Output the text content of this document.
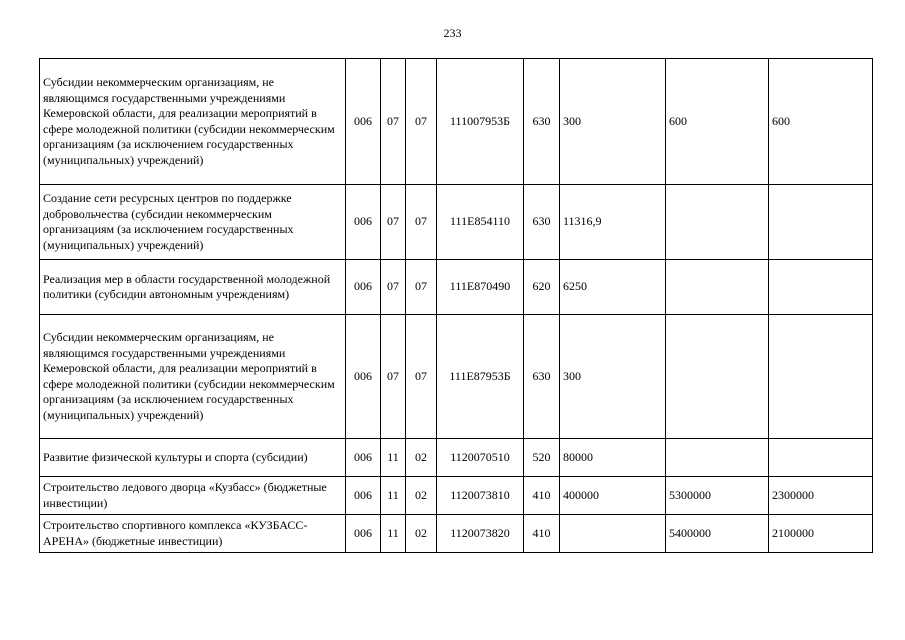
233
Субсидии некоммерческим организациям, не являющимся государственными учреждениями Кемеровской области, для реализации мероприятий в сфере молодежной политики (субсидии некоммерческим организациям (за исключением государственных (муниципальных) учреждений)	006	07	07	111007953Б	630	300	600	600
Создание сети ресурсных центров по поддержке добровольчества (субсидии некоммерческим организациям (за исключением государственных (муниципальных) учреждений)	006	07	07	111E854110	630	11316,9		
Реализация мер в области государственной молодежной политики (субсидии автономным учреждениям)	006	07	07	111E870490	620	6250		
Субсидии некоммерческим организациям, не являющимся государственными учреждениями Кемеровской области, для реализации мероприятий в сфере молодежной политики (субсидии некоммерческим организациям (за исключением государственных (муниципальных) учреждений)	006	07	07	111E87953Б	630	300		
Развитие физической культуры и спорта (субсидии)	006	11	02	1120070510	520	80000		
Строительство ледового дворца «Кузбасс» (бюджетные инвестиции)	006	11	02	1120073810	410	400000	5300000	2300000
Строительство спортивного комплекса «КУЗБАСС-АРЕНА» (бюджетные инвестиции)	006	11	02	1120073820	410		5400000	2100000
